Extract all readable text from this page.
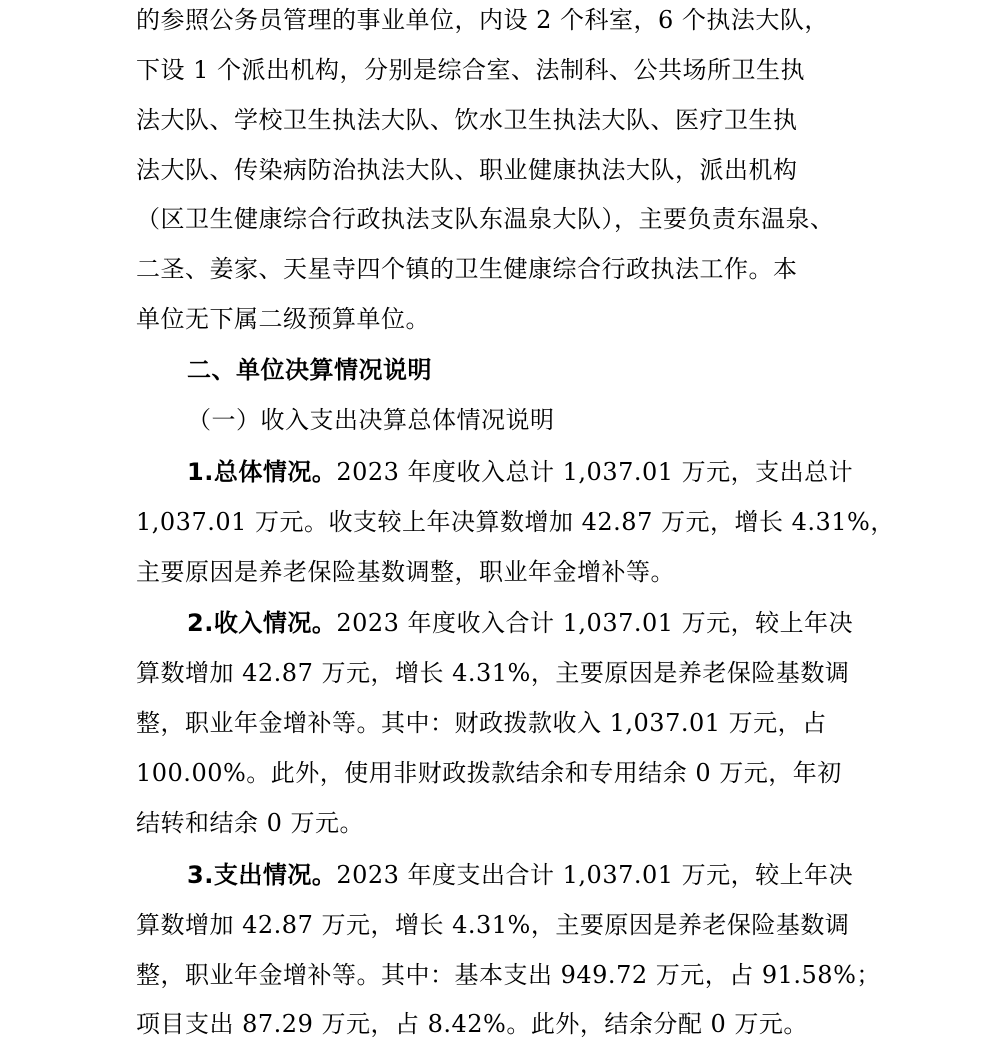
的参照公务员管理的事业单位，内设 2 个科室，6 个执法大队，
下设 1 个派出机构，分别是综合室、法制科、公共场所卫生执
法大队、学校卫生执法大队、饮水卫生执法大队、医疗卫生执
法大队、传染病防治执法大队、职业健康执法大队，派出机构
（区卫生健康综合行政执法支队东温泉大队），主要负责东温泉、
二圣、姜家、天星寺四个镇的卫生健康综合行政执法工作。本
单位无下属二级预算单位。
二、单位决算情况说明
（一）收入支出决算总体情况说明
1.总体情况。2023 年度收入总计 1,037.01 万元，支出总计
1,037.01 万元。收支较上年决算数增加 42.87 万元，增长 4.31%，
主要原因是养老保险基数调整，职业年金增补等。
2.收入情况。2023 年度收入合计 1,037.01 万元，较上年决
算数增加 42.87 万元，增长 4.31%，主要原因是养老保险基数调
整，职业年金增补等。其中：财政拨款收入 1,037.01 万元，占
100.00%。此外，使用非财政拨款结余和专用结余 0 万元，年初
结转和结余 0 万元。
3.支出情况。2023 年度支出合计 1,037.01 万元，较上年决
算数增加 42.87 万元，增长 4.31%，主要原因是养老保险基数调
整，职业年金增补等。其中：基本支出 949.72 万元，占 91.58%；
项目支出 87.29 万元，占 8.42%。此外，结余分配 0 万元。
